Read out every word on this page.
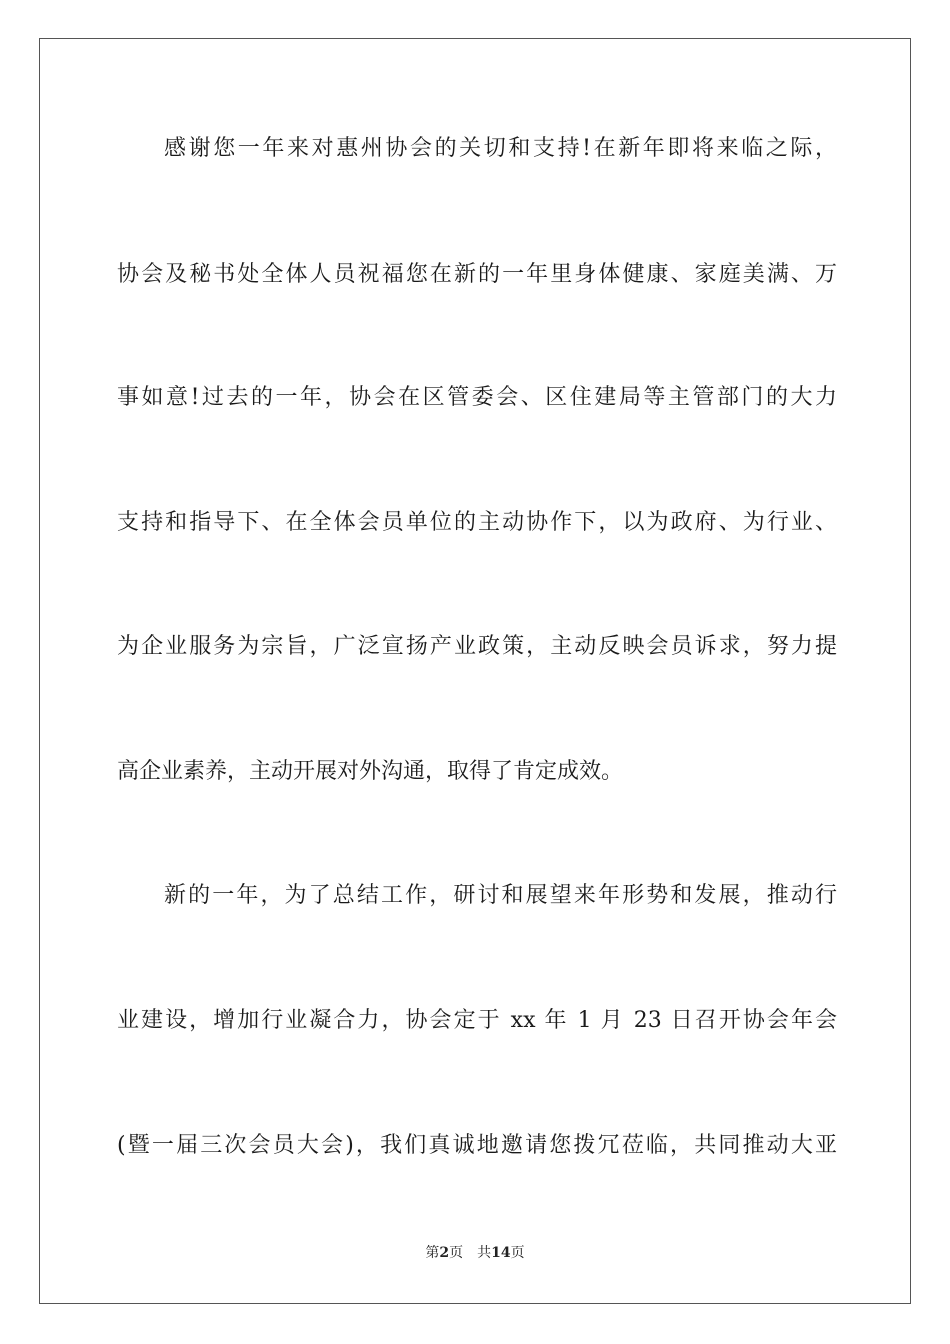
感谢您一年来对惠州协会的关切和支持!在新年即将来临之际，
协会及秘书处全体人员祝福您在新的一年里身体健康、家庭美满、万
事如意!过去的一年，协会在区管委会、区住建局等主管部门的大力
支持和指导下、在全体会员单位的主动协作下，以为政府、为行业、
为企业服务为宗旨，广泛宣扬产业政策，主动反映会员诉求，努力提
高企业素养，主动开展对外沟通，取得了肯定成效。
新的一年，为了总结工作，研讨和展望来年形势和发展，推动行
业建设，增加行业凝合力，协会定于 xx 年 1 月 23 日召开协会年会
(暨一届三次会员大会)，我们真诚地邀请您拨冗莅临，共同推动大亚
第2页 共14页
